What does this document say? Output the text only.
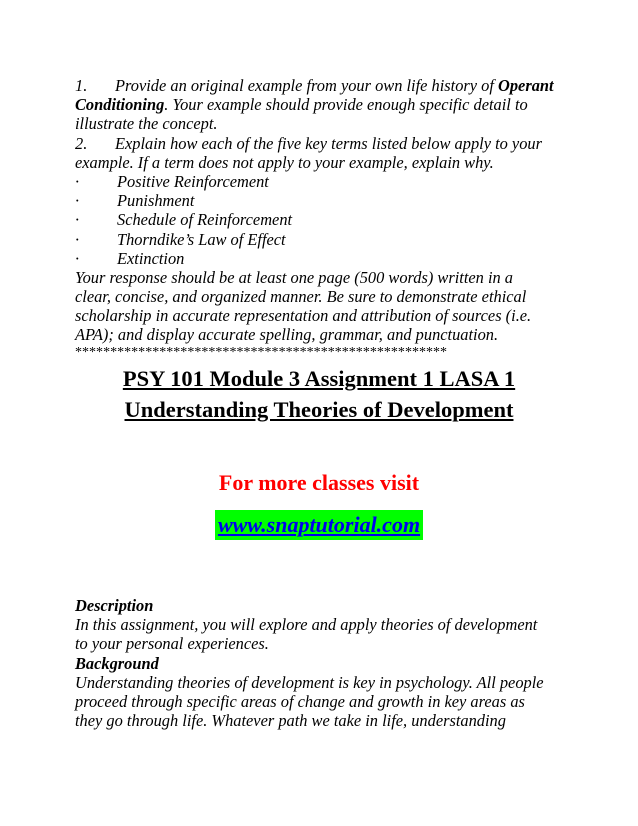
1. Provide an original example from your own life history of Operant
Conditioning. Your example should provide enough specific detail to
illustrate the concept.
2. Explain how each of the five key terms listed below apply to your
example. If a term does not apply to your example, explain why.
· Positive Reinforcement
· Punishment
· Schedule of Reinforcement
· Thorndike’s Law of Effect
· Extinction
Your response should be at least one page (500 words) written in a
clear, concise, and organized manner. Be sure to demonstrate ethical
scholarship in accurate representation and attribution of sources (i.e.
APA); and display accurate spelling, grammar, and punctuation.
*****************************************************
PSY 101 Module 3 Assignment 1 LASA 1
Understanding Theories of Development
For more classes visit
www.snaptutorial.com
Description
In this assignment, you will explore and apply theories of development
to your personal experiences.
Background
Understanding theories of development is key in psychology. All people
proceed through specific areas of change and growth in key areas as
they go through life. Whatever path we take in life, understanding
